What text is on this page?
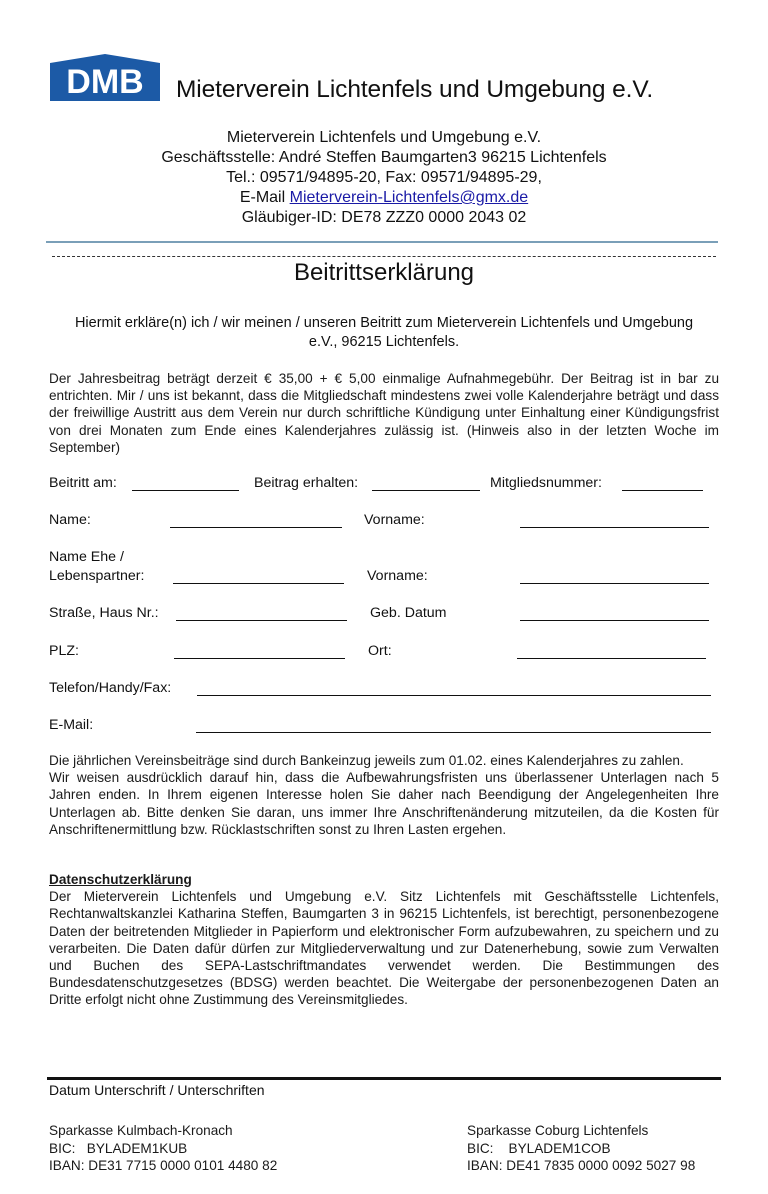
DMB Mieterverein Lichtenfels und Umgebung e.V.
Mieterverein Lichtenfels und Umgebung e.V.
Geschäftsstelle: André Steffen Baumgarten3 96215 Lichtenfels
Tel.: 09571/94895-20, Fax: 09571/94895-29,
E-Mail Mieterverein-Lichtenfels@gmx.de
Gläubiger-ID: DE78 ZZZ0 0000 2043 02
Beitrittserklärung
Hiermit erkläre(n) ich / wir meinen / unseren Beitritt zum Mieterverein Lichtenfels und Umgebung e.V., 96215 Lichtenfels.

Der Jahresbeitrag beträgt derzeit € 35,00 + € 5,00 einmalige Aufnahmegebühr. Der Beitrag ist in bar zu entrichten. Mir / uns ist bekannt, dass die Mitgliedschaft mindestens zwei volle Kalenderjahre beträgt und dass der freiwillige Austritt aus dem Verein nur durch schriftliche Kündigung unter Einhaltung einer Kündigungsfrist von drei Monaten zum Ende eines Kalenderjahres zulässig ist. (Hinweis also in der letzten Woche im September)

Beitritt am:	Beitrag erhalten:	Mitgliedsnummer:
Name:	Vorname:
Name Ehe /
Lebenspartner:	Vorname:
Straße, Haus Nr.:	Geb. Datum
PLZ:	Ort:
Telefon/Handy/Fax:
E-Mail:

Die jährlichen Vereinsbeiträge sind durch Bankeinzug jeweils zum 01.02. eines Kalenderjahres zu zahlen.

Wir weisen ausdrücklich darauf hin, dass die Aufbewahrungsfristen uns überlassener Unterlagen nach 5 Jahren enden. In Ihrem eigenen Interesse holen Sie daher nach Beendigung der Angelegenheiten Ihre Unterlagen ab. Bitte denken Sie daran, uns immer Ihre Anschriftenänderung mitzuteilen, da die Kosten für Anschriftenermittlung bzw. Rücklastschriften sonst zu Ihren Lasten ergehen.

Datenschutzerklärung

Der Mieterverein Lichtenfels und Umgebung e.V. Sitz Lichtenfels mit Geschäftsstelle Lichtenfels, Rechtanwaltskanzlei Katharina Steffen, Baumgarten 3 in 96215 Lichtenfels, ist berechtigt, personenbezogene Daten der beitretenden Mitglieder in Papierform und elektronischer Form aufzubewahren, zu speichern und zu verarbeiten. Die Daten dafür dürfen zur Mitgliederverwaltung und zur Datenerhebung, sowie zum Verwalten und Buchen des SEPA-Lastschriftmandates verwendet werden. Die Bestimmungen des Bundesdatenschutzgesetzes (BDSG) werden beachtet. Die Weitergabe der personenbezogenen Daten an Dritte erfolgt nicht ohne Zustimmung des Vereinsmitgliedes.

Datum Unterschrift / Unterschriften
Sparkasse Kulmbach-Kronach
BIC:   BYLADEM1KUB
IBAN: DE31 7715 0000 0101 4480 82
Sparkasse Coburg Lichtenfels
BIC:    BYLADEM1COB
IBAN: DE41 7835 0000 0092 5027 98
